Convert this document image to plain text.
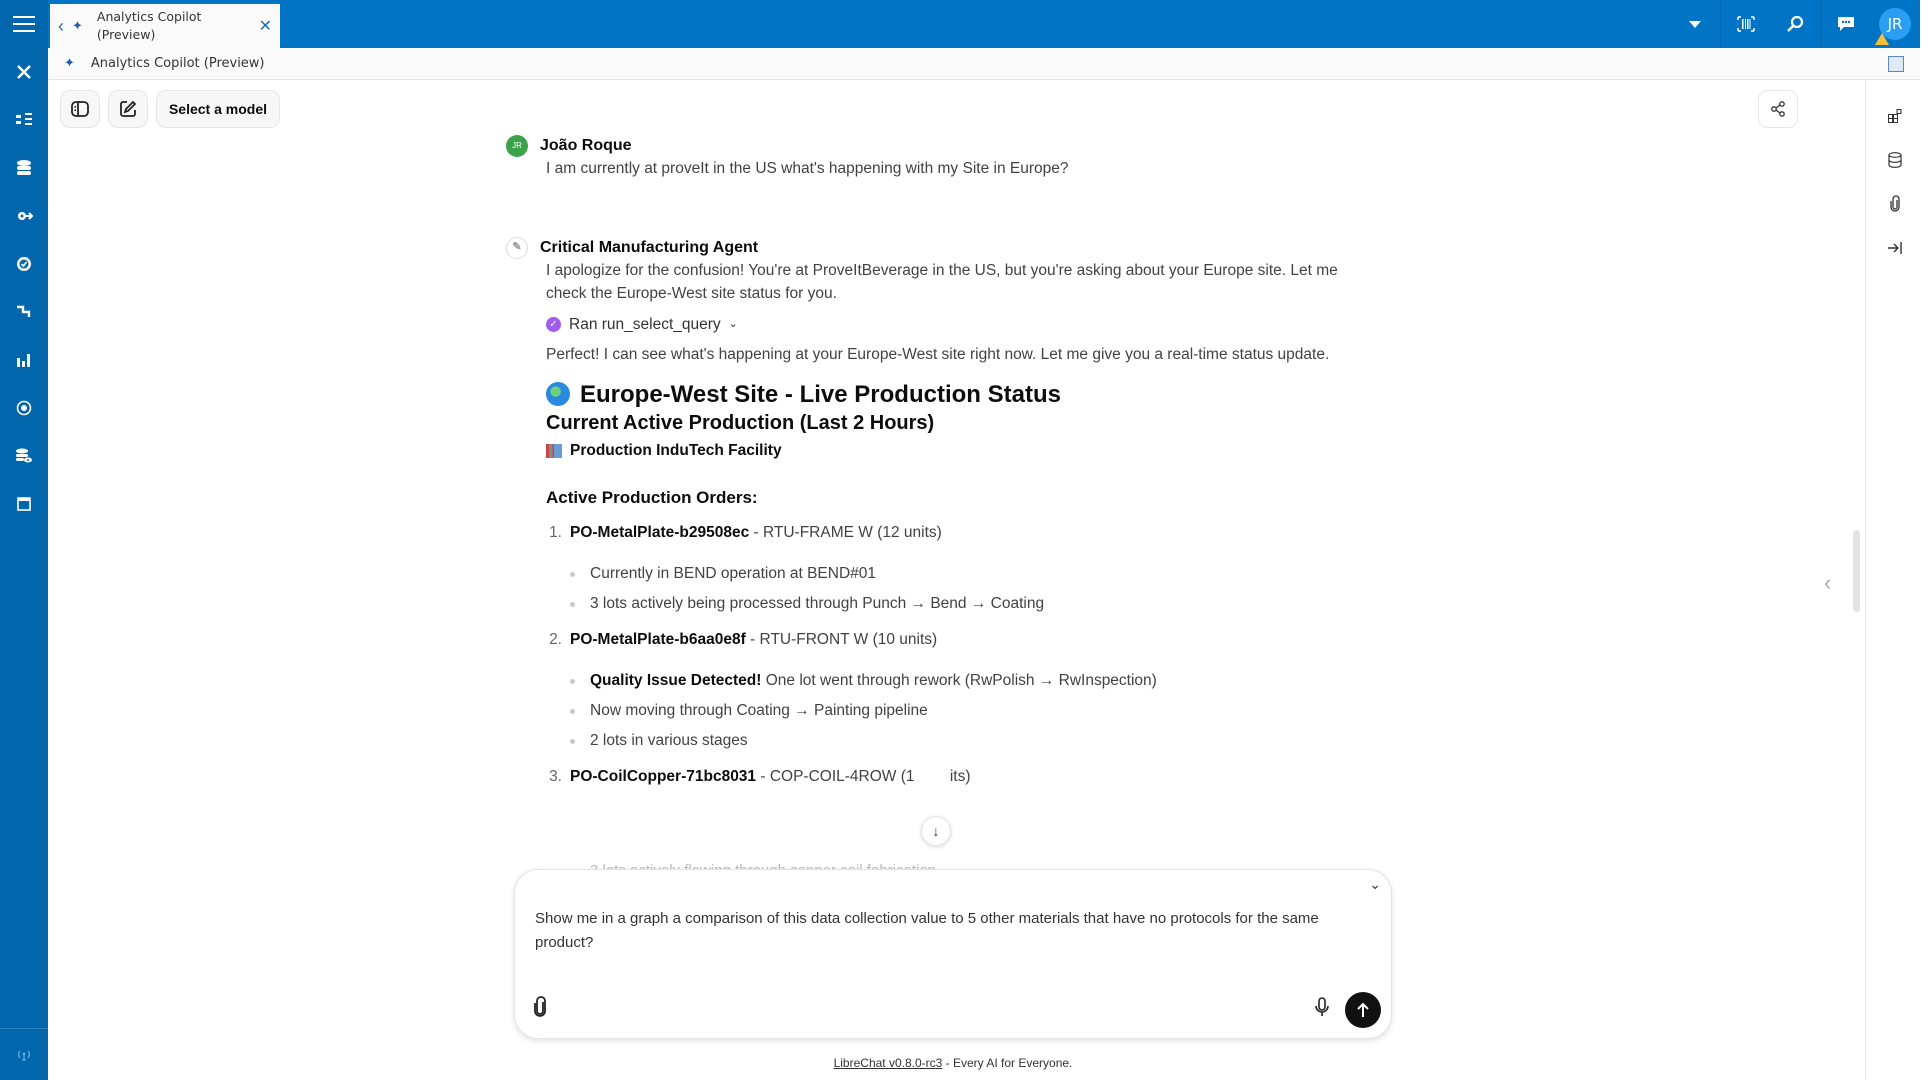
‹ ✦
Analytics Copilot (Preview)	✕	JR
✦ Analytics Copilot (Preview)
Select a model
‹
JR	João Roque
I am currently at proveIt in the US what's happening with my Site in Europe?
✎	Critical Manufacturing Agent
I apologize for the confusion! You're at ProveItBeverage in the US, but you're asking about your Europe site. Let me check the Europe-West site status for you.
✓ Ran run_select_query ⌄
Perfect! I can see what's happening at your Europe-West site right now. Let me give you a real-time status update.
Europe-West Site - Live Production Status
Current Active Production (Last 2 Hours)
Production InduTech Facility
Active Production Orders:
1. PO-MetalPlate-b29508ec - RTU-FRAME W (12 units)
Currently in BEND operation at BEND#01
3 lots actively being processed through Punch → Bend → Coating
2. PO-MetalPlate-b6aa0e8f - RTU-FRONT W (10 units)
Quality Issue Detected! One lot went through rework (RwPolish → RwInspection)
Now moving through Coating → Painting pipeline
2 lots in various stages
3. PO-CoilCopper-71bc8031 - COP-COIL-4ROW (1   its)
↓
⌄
Show me in a graph a comparison of this data collection value to 5 other materials that have no protocols for the same product?
LibreChat v0.8.0-rc3 - Every AI for Everyone.
